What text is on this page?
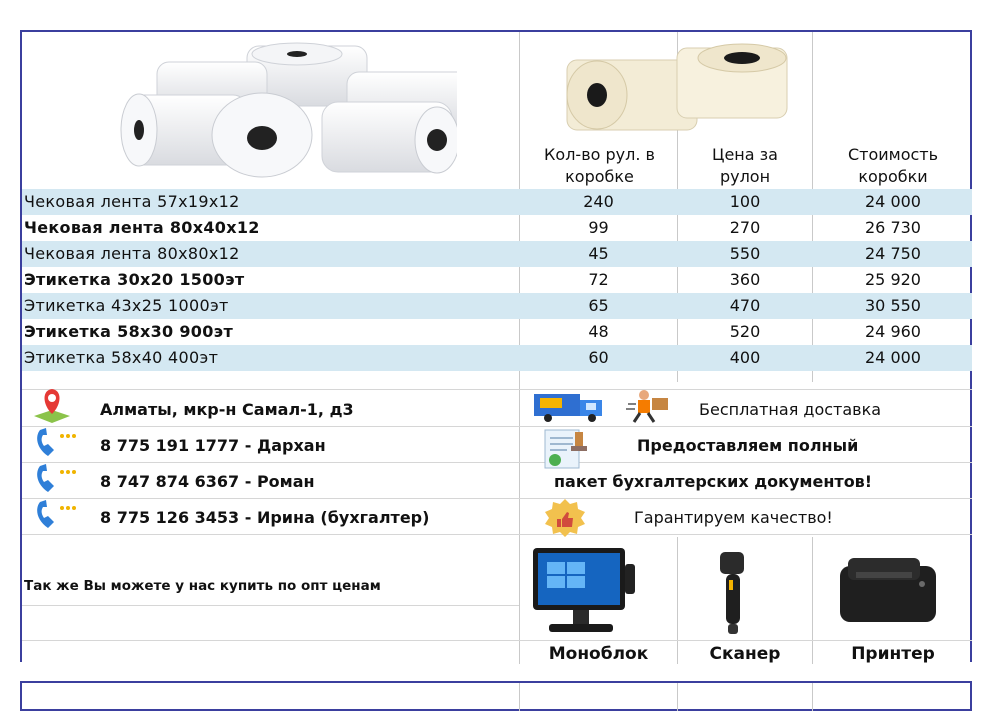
Кол-во рул. в
коробке
Цена за
рулон
Стоимость
коробки
Чековая лента 57х19х12	240	100	24 000
Чековая лента 80х40х12	99	270	26 730
Чековая лента 80х80х12	45	550	24 750
Этикетка 30х20 1500эт	72	360	25 920
Этикетка 43х25 1000эт	65	470	30 550
Этикетка 58х30 900эт	48	520	24 960
Этикетка 58х40 400эт	60	400	24 000
Алматы, мкр-н Самал-1, д3
8 775 191 1777 - Дархан
8 747 874 6367 - Роман
8 775 126 3453 - Ирина (бухгалтер)
Бесплатная доставка
Предоставляем полный
пакет бухгалтерских документов!
Гарантируем качество!
Так же Вы можете у нас купить по опт ценам
Моноблок	Сканер	Принтер
